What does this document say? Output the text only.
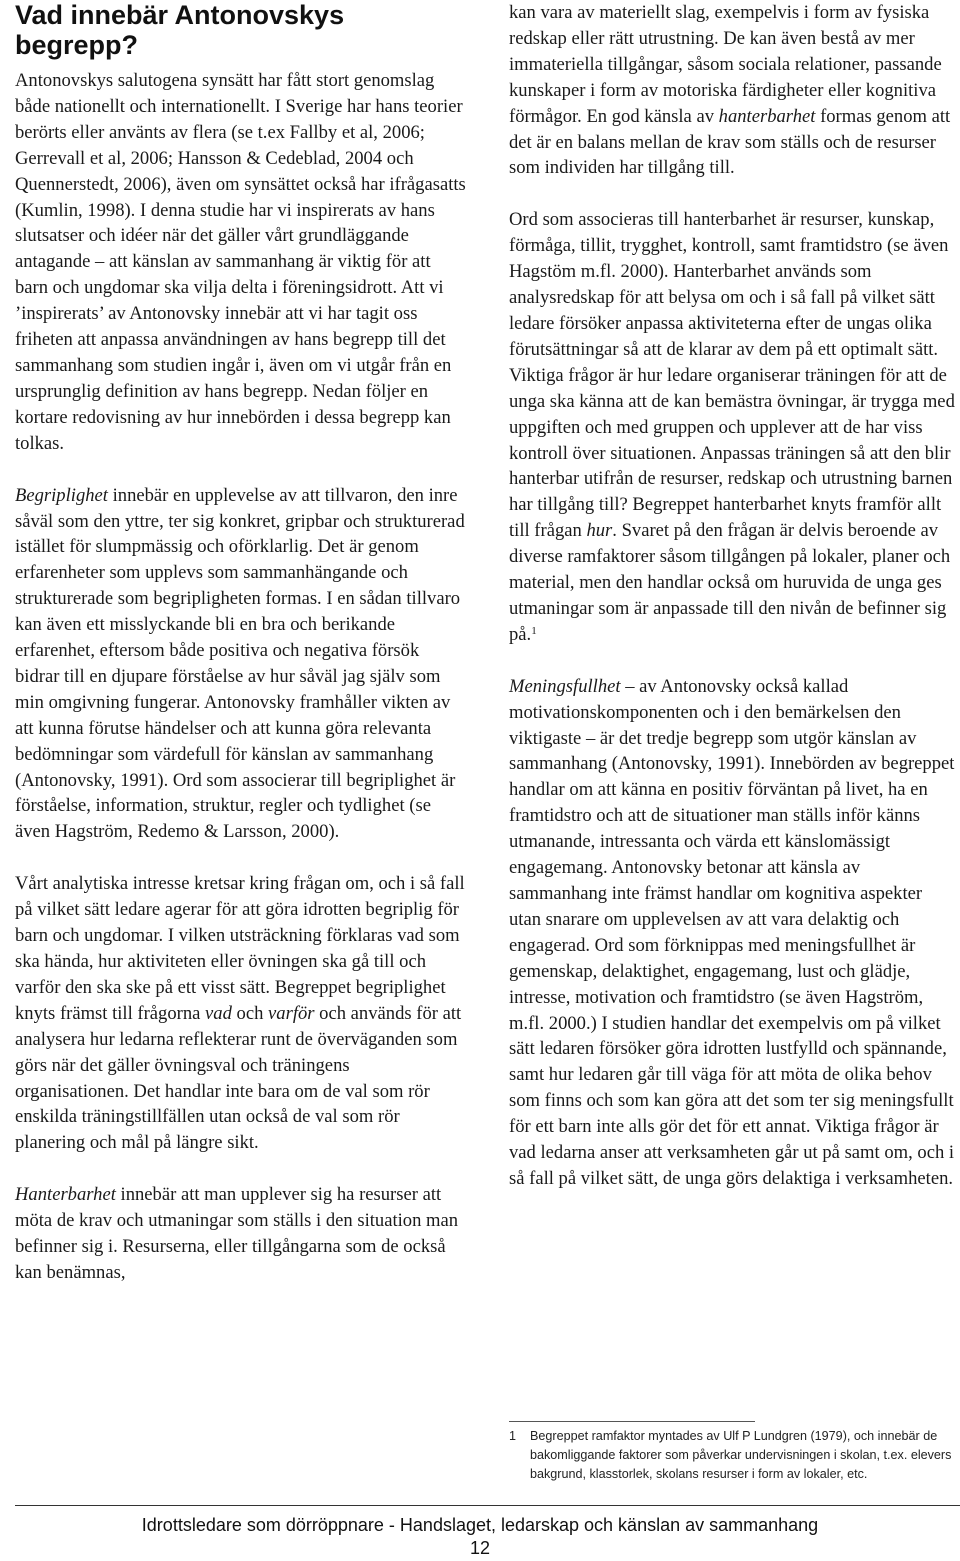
Vad innebär Antonovskys begrepp?

Antonovskys salutogena synsätt har fått stort genomslag både nationellt och internationellt. I Sverige har hans teorier berörts eller använts av flera (se t.ex Fallby et al, 2006; Gerrevall et al, 2006; Hansson & Cedeblad, 2004 och Quennerstedt, 2006), även om synsättet också har ifrågasatts (Kumlin, 1998). I denna studie har vi inspirerats av hans slutsatser och idéer när det gäller vårt grundläggande antagande – att känslan av sammanhang är viktig för att barn och ungdomar ska vilja delta i föreningsidrott. Att vi ’inspirerats’ av Antonovsky innebär att vi har tagit oss friheten att anpassa användningen av hans begrepp till det sammanhang som studien ingår i, även om vi utgår från en ursprunglig definition av hans begrepp. Nedan följer en kortare redovisning av hur innebörden i dessa begrepp kan tolkas.

Begriplighet innebär en upplevelse av att tillvaron, den inre såväl som den yttre, ter sig konkret, gripbar och strukturerad istället för slumpmässig och oförklarlig. Det är genom erfarenheter som upplevs som sammanhängande och strukturerade som begripligheten formas. I en sådan tillvaro kan även ett misslyckande bli en bra och berikande erfarenhet, eftersom både positiva och negativa försök bidrar till en djupare förståelse av hur såväl jag själv som min omgivning fungerar. Antonovsky framhåller vikten av att kunna förutse händelser och att kunna göra relevanta bedömningar som värdefull för känslan av sammanhang (Antonovsky, 1991). Ord som associerar till begriplighet är förståelse, information, struktur, regler och tydlighet (se även Hagström, Redemo & Larsson, 2000).

Vårt analytiska intresse kretsar kring frågan om, och i så fall på vilket sätt ledare agerar för att göra idrotten begriplig för barn och ungdomar. I vilken utsträckning förklaras vad som ska hända, hur aktiviteten eller övningen ska gå till och varför den ska ske på ett visst sätt. Begreppet begriplighet knyts främst till frågorna vad och varför och används för att analysera hur ledarna reflekterar runt de överväganden som görs när det gäller övningsval och träningens organisationen. Det handlar inte bara om de val som rör enskilda träningstillfällen utan också de val som rör planering och mål på längre sikt.

Hanterbarhet innebär att man upplever sig ha resurser att möta de krav och utmaningar som ställs i den situation man befinner sig i. Resurserna, eller tillgångarna som de också kan benämnas,

kan vara av materiellt slag, exempelvis i form av fysiska redskap eller rätt utrustning. De kan även bestå av mer immateriella tillgångar, såsom sociala relationer, passande kunskaper i form av motoriska färdigheter eller kognitiva förmågor. En god känsla av hanterbarhet formas genom att det är en balans mellan de krav som ställs och de resurser som individen har tillgång till.

Ord som associeras till hanterbarhet är resurser, kunskap, förmåga, tillit, trygghet, kontroll, samt framtidstro (se även Hagstöm m.fl. 2000). Hanterbarhet används som analysredskap för att belysa om och i så fall på vilket sätt ledare försöker anpassa aktiviteterna efter de ungas olika förutsättningar så att de klarar av dem på ett optimalt sätt. Viktiga frågor är hur ledare organiserar träningen för att de unga ska känna att de kan bemästra övningar, är trygga med uppgiften och med gruppen och upplever att de har viss kontroll över situationen. Anpassas träningen så att den blir hanterbar utifrån de resurser, redskap och utrustning barnen har tillgång till? Begreppet hanterbarhet knyts framför allt till frågan hur. Svaret på den frågan är delvis beroende av diverse ramfaktorer såsom tillgången på lokaler, planer och material, men den handlar också om huruvida de unga ges utmaningar som är anpassade till den nivån de befinner sig på.$^1$

Meningsfullhet – av Antonovsky också kallad motivationskomponenten och i den bemärkelsen den viktigaste – är det tredje begrepp som utgör känslan av sammanhang (Antonovsky, 1991). Innebörden av begreppet handlar om att känna en positiv förväntan på livet, ha en framtidstro och att de situationer man ställs inför känns utmanande, intressanta och värda ett känslomässigt engagemang. Antonovsky betonar att känsla av sammanhang inte främst handlar om kognitiva aspekter utan snarare om upplevelsen av att vara delaktig och engagerad. Ord som förknippas med meningsfullhet är gemenskap, delaktighet, engagemang, lust och glädje, intresse, motivation och framtidstro (se även Hagström, m.fl. 2000.) I studien handlar det exempelvis om på vilket sätt ledaren försöker göra idrotten lustfylld och spännande, samt hur ledaren går till väga för att möta de olika behov som finns och som kan göra att det som ter sig meningsfullt för ett barn inte alls gör det för ett annat. Viktiga frågor är vad ledarna anser att verksamheten går ut på samt om, och i så fall på vilket sätt, de unga görs delaktiga i verksamheten.

1 Begreppet ramfaktor myntades av Ulf P Lundgren (1979), och innebär de bakomliggande faktorer som påverkar undervisningen i skolan, t.ex. elevers bakgrund, klasstorlek, skolans resurser i form av lokaler, etc.
Idrottsledare som dörröppnare - Handslaget, ledarskap och känslan av sammanhang
12
